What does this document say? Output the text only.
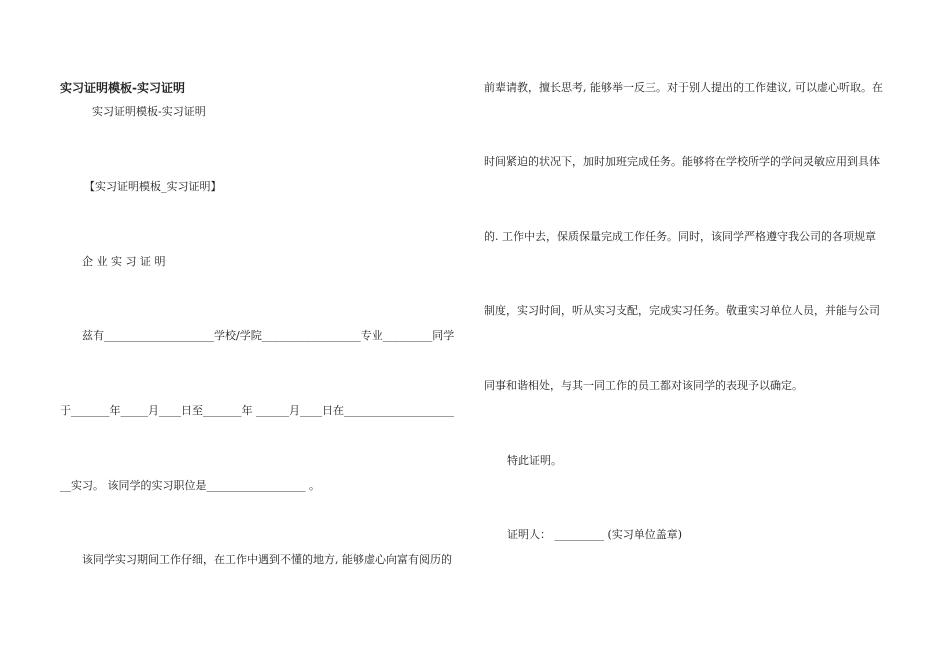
实习证明模板-实习证明
实习证明模板-实习证明
【实习证明模板_实习证明】
企 业 实 习 证 明
兹有____________________学校/学院__________________专业_________同学
于_______年_____月____日至_______年 ______月____日在____________________
__实习。 该同学的实习职位是__________________ 。
该同学实习期间工作仔细，在工作中遇到不懂的地方, 能够虚心向富有阅历的
前辈请教，擅长思考, 能够举一反三。对于别人提出的工作建议, 可以虚心听取。在
时间紧迫的状况下，加时加班完成任务。能够将在学校所学的学问灵敏应用到具体
的. 工作中去，保质保量完成工作任务。同时，该同学严格遵守我公司的各项规章
制度，实习时间，听从实习支配，完成实习任务。敬重实习单位人员，并能与公司
同事和谐相处，与其一同工作的员工都对该同学的表现予以确定。
特此证明。
证明人： _________ (实习单位盖章)
